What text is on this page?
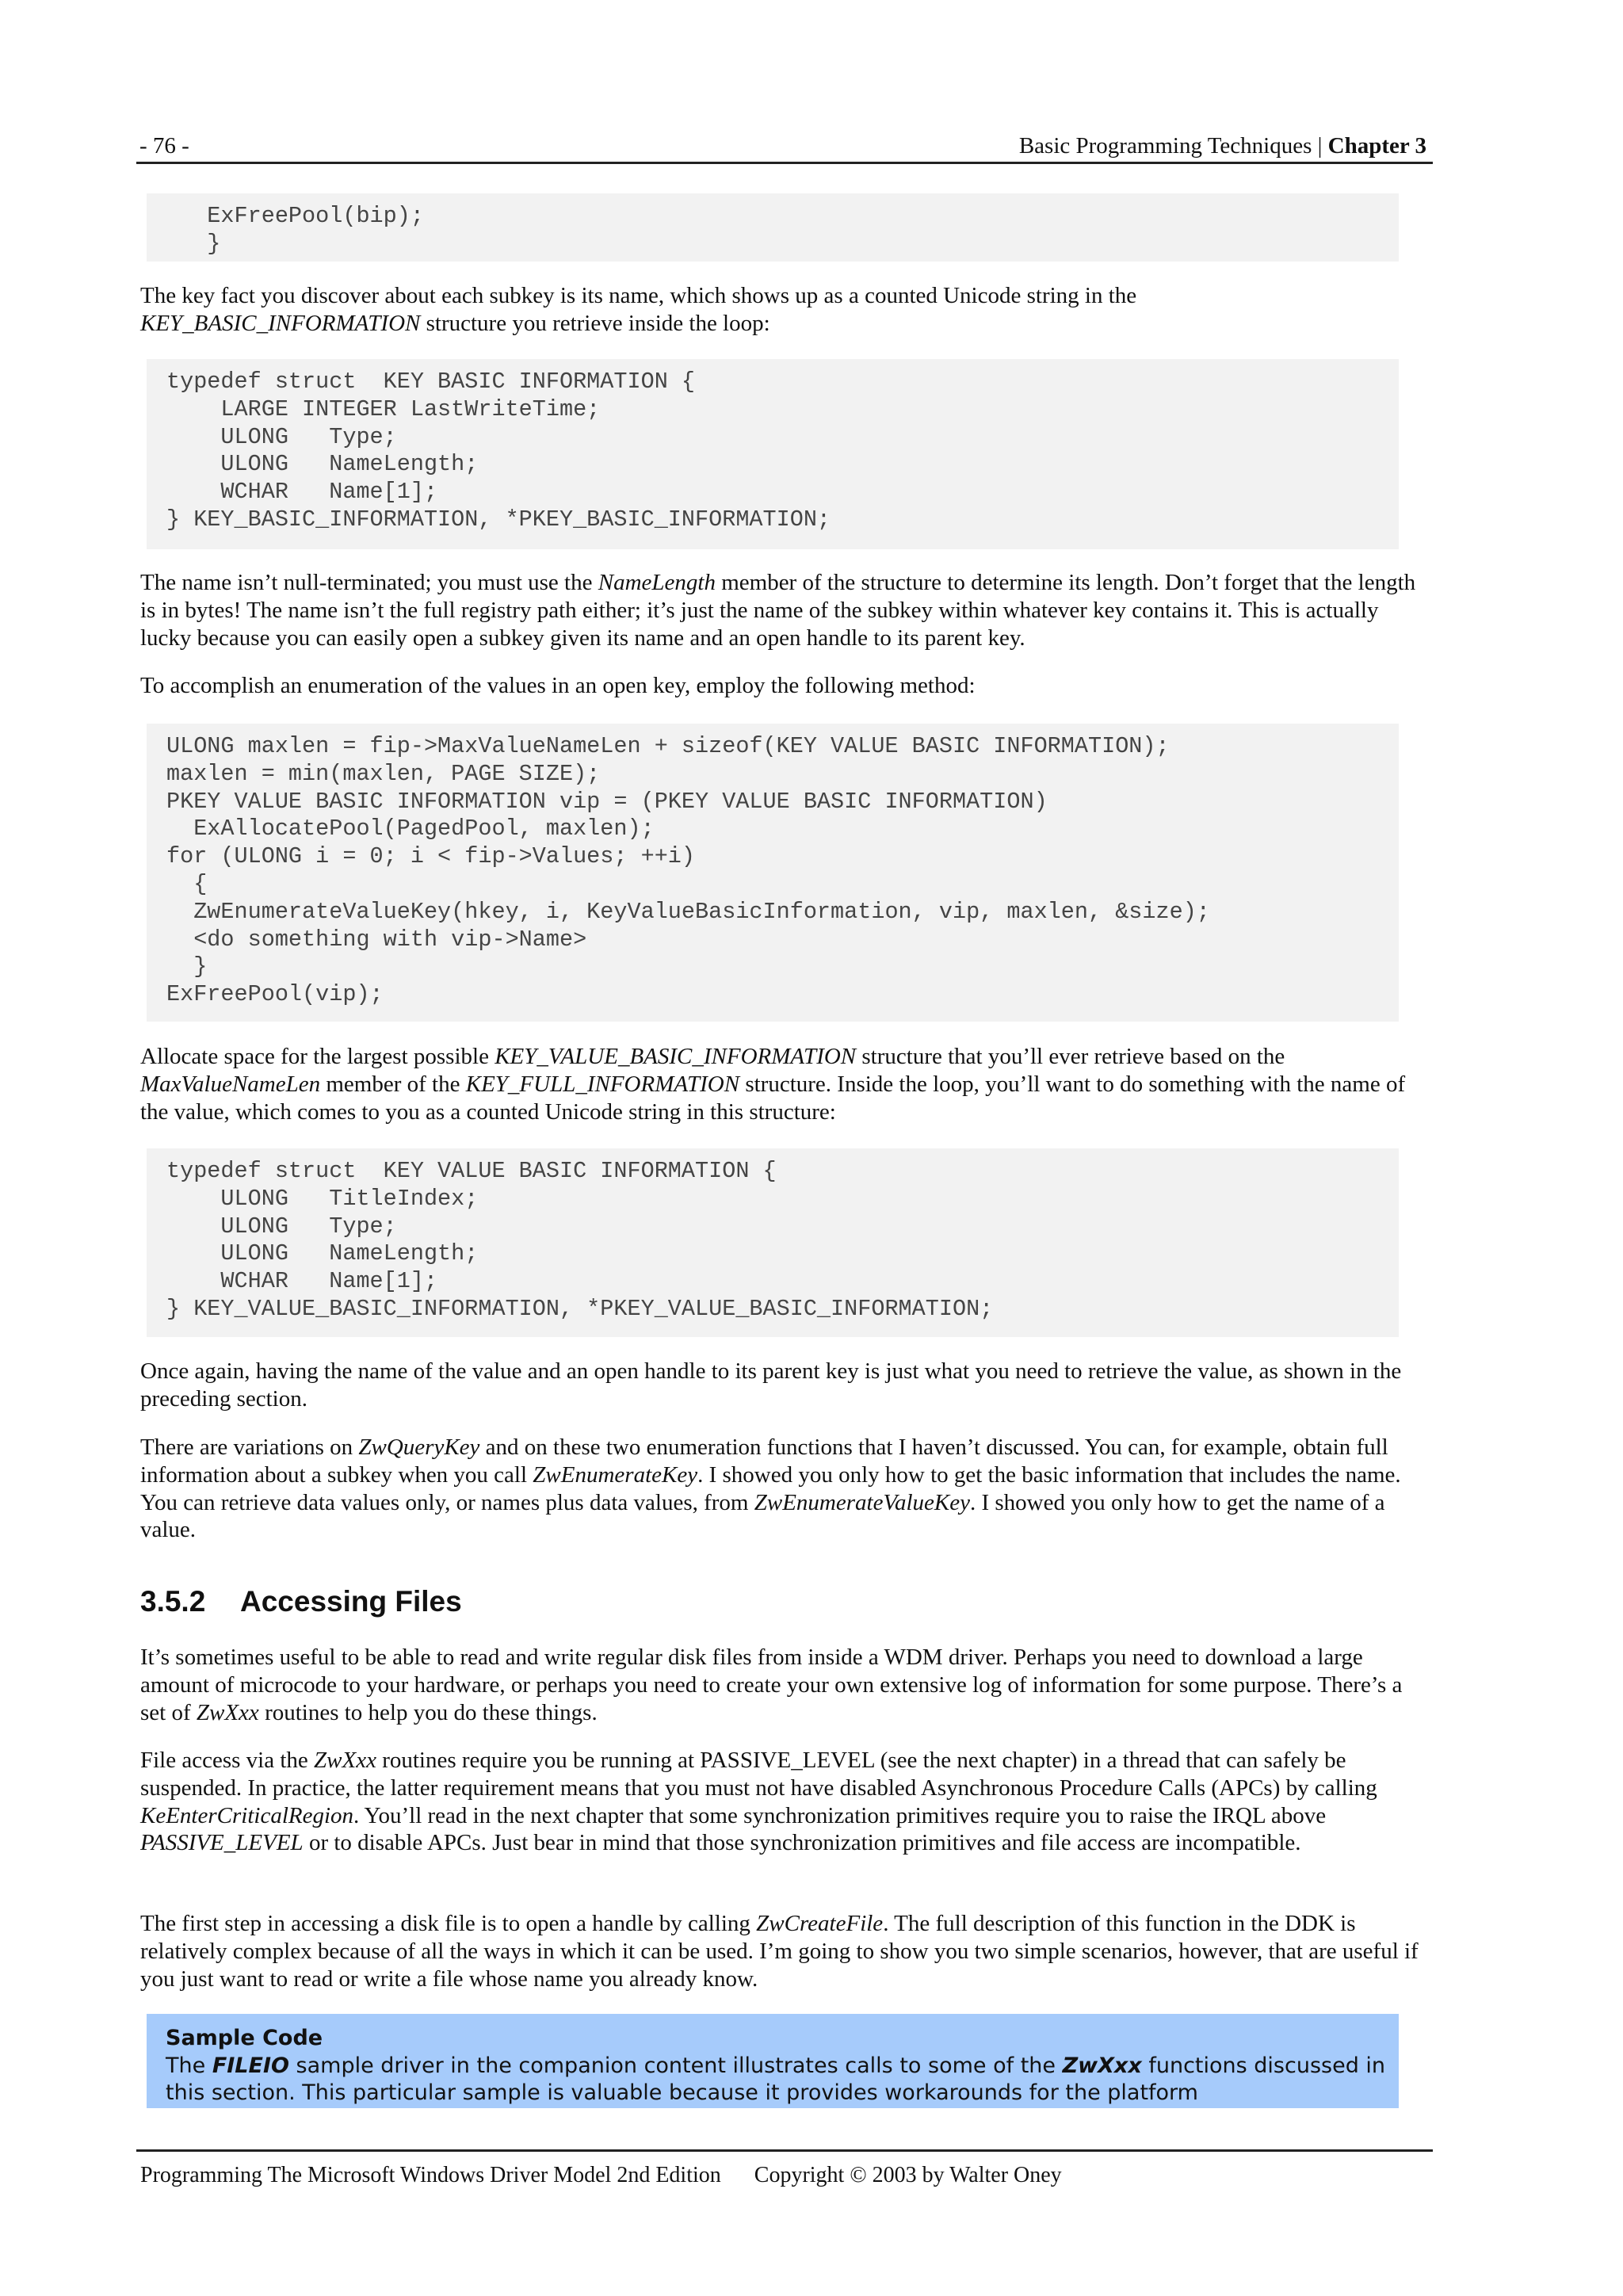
- 76 -	Basic Programming Techniques | Chapter 3
ExFreePool(bip);
}

The key fact you discover about each subkey is its name, which shows up as a counted Unicode string in the
KEY_BASIC_INFORMATION structure you retrieve inside the loop:

typedef struct  KEY BASIC INFORMATION {
LARGE INTEGER LastWriteTime;
ULONG   Type;
ULONG   NameLength;
WCHAR   Name[1];
} KEY_BASIC_INFORMATION, *PKEY_BASIC_INFORMATION;

The name isn’t null-terminated; you must use the NameLength member of the structure to determine its length. Don’t forget that the length is in bytes! The name isn’t the full registry path either; it’s just the name of the subkey within whatever key contains it. This is actually lucky because you can easily open a subkey given its name and an open handle to its parent key.

To accomplish an enumeration of the values in an open key, employ the following method:

ULONG maxlen = fip->MaxValueNameLen + sizeof(KEY VALUE BASIC INFORMATION);
maxlen = min(maxlen, PAGE SIZE);
PKEY VALUE BASIC INFORMATION vip = (PKEY VALUE BASIC INFORMATION)
ExAllocatePool(PagedPool, maxlen);
for (ULONG i = 0; i < fip->Values; ++i)
{
ZwEnumerateValueKey(hkey, i, KeyValueBasicInformation, vip, maxlen, &size);
<do something with vip->Name>
}
ExFreePool(vip);

Allocate space for the largest possible KEY_VALUE_BASIC_INFORMATION structure that you’ll ever retrieve based on the
MaxValueNameLen member of the KEY_FULL_INFORMATION structure. Inside the loop, you’ll want to do something with the name of the value, which comes to you as a counted Unicode string in this structure:

typedef struct  KEY VALUE BASIC INFORMATION {
ULONG   TitleIndex;
ULONG   Type;
ULONG   NameLength;
WCHAR   Name[1];
} KEY_VALUE_BASIC_INFORMATION, *PKEY_VALUE_BASIC_INFORMATION;

Once again, having the name of the value and an open handle to its parent key is just what you need to retrieve the value, as shown in the preceding section.

There are variations on ZwQueryKey and on these two enumeration functions that I haven’t discussed. You can, for example, obtain full information about a subkey when you call ZwEnumerateKey. I showed you only how to get the basic information that includes the name. You can retrieve data values only, or names plus data values, from ZwEnumerateValueKey. I showed you only how to get the name of a value.

3.5.2 Accessing Files

It’s sometimes useful to be able to read and write regular disk files from inside a WDM driver. Perhaps you need to download a large amount of microcode to your hardware, or perhaps you need to create your own extensive log of information for some purpose. There’s a set of ZwXxx routines to help you do these things.

File access via the ZwXxx routines require you be running at PASSIVE_LEVEL (see the next chapter) in a thread that can safely be suspended. In practice, the latter requirement means that you must not have disabled Asynchronous Procedure Calls (APCs) by calling KeEnterCriticalRegion. You’ll read in the next chapter that some synchronization primitives require you to raise the IRQL above PASSIVE_LEVEL or to disable APCs. Just bear in mind that those synchronization primitives and file access are incompatible.

The first step in accessing a disk file is to open a handle by calling ZwCreateFile. The full description of this function in the DDK is relatively complex because of all the ways in which it can be used. I’m going to show you two simple scenarios, however, that are useful if you just want to read or write a file whose name you already know.

Sample Code
The FILEIO sample driver in the companion content illustrates calls to some of the ZwXxx functions discussed in this section. This particular sample is valuable because it provides workarounds for the platform
Programming The Microsoft Windows Driver Model 2nd Edition Copyright © 2003 by Walter Oney
